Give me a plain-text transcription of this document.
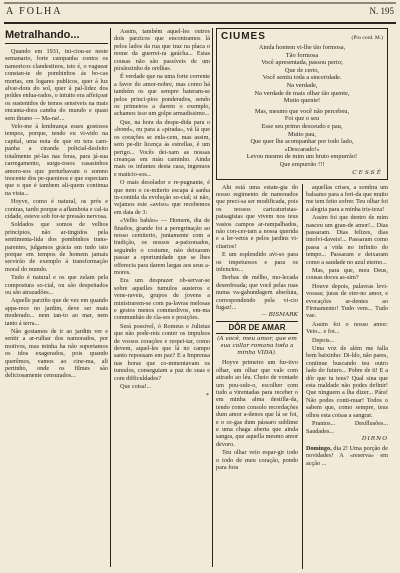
A FOLHA	N. 195
Metralhando...

Quando em 1931, ini-ciou-se neste semanario, forte campanha contra os namoricos clandestinos, isto é, o vaguear constan-te de pombinhos ás bo-cas mortas, em logares publicos, quer á luz alvar-dora do sol, quer á pal-lidez dos poldes enlua-rados, o intuito era affeiçoar os sustenidos de temos sensiveis na mais encanta-dora camba do mundo e quasi sem thrano — Ma-na!...

Velo-me á lembrança esses gostosos tempos, porque, tendo eu vi-vido na capital, uma nota de que eu tera cam-panha a ciranda policial-desfeito totalmente pé-las nas feras, para já-sua carregamento, surge-tosos casasinhos amoro-sos que perturbavam o somno inocente dos pe-queninos e que espectam que o que é tambem ali-quem continua na vista...

Hoyve, como é natural, os prós e contras, tardo porque a aflamboia e cal-ta cidade, esteve sob for-te pressão nervosa.

Soldados que somos de velhos princípios, não ar-tingidos pela sentimenta-lida dos pombinhos trans-parentes, julgamos grácia em tudo isto porque em tempos de homem jamais servirão de exemplo á transformação moral do mundo.

Tudo é natural e os que zelam pela compostura so-cial, ou são despeitados ou são atrazadões...

Aquelle parziño que de vez em quando appa-rece no jardim, deve ser mais moderado... nem tan-to ao mar, nem tanto á terra...

Não gostamos de ir ao jardim ver e sentir a ar-rulhar dos namorados, por motivos, mas minha ha não suportamos os idos exagerados, pois quando querêmos, vamos ao cine-ma, ali pertinho, onde os filmes são deliciosamente censurados...

Assim, também aquel-les outros dois parzicos que encontramos lá pelos lados da rua que traz na placa o nome da guerrei-ra gaúcha... Estas cousas não são passíveis de um puxãozinho de orelhas.

É verdade que na uma forte corrente a favor do amor-nobre, mas como há também os que sempre bateram-se pelos princi-pios ponderados, sendo os primeiros a darem o exemplo, achamos isso um golpe armadissimo...

Que, na hora da despe-dida para o «bond», ou para a «pirada», vá lá que os corações se enla-cem, mas assim, sem pe-dir licença ás estrellas, é um perigo... Vocês dei-xam as nossas creanças em máu caminho. Ainda mais os infantes desta casa, ingenuos e maticio-sos...

O mais desolador e re-pugnante, é que nem o ce-miterio escapa á sanha in-contida da evolução so-cial; si não, vejamos este «aviso» que recebemos em data de 3:

«Velho babão» — Homem, dia de finados, grande foi a peregrinação ao nosso cemiterio, juntamente com a tradição, os nossos a-paixonados, seguindo o costume, não deixaram passar a oportunidade que se lhes offerecia para darem largas aos seus a-mores.

Era um desprazer ob-servar-se sobre aquelles tumulos austeros e vene-raveis, grupos de jovens a ministrarem-se com pa-lavras melosas e gestos menos commedivos, em-ma communhão de cla-ses e posições.

Será possivel, ó Romeus e Julietas que não pode-reis conter os impulsos de vossos corações e respei-tar, como devem, aquel-les que lá no campo santo repousam em paz? E a Imprensa nas horas que co-mmentavam os tumulos, conseguiam a paz de suas e com difficuldades?

Que coisa!...

*
CIUMES	(Pro cord. M.)
Ainda hontem vi-lhe tão formosa,
Tão formosa
Você apresentada, passou perto;
Que de certo,
Você sentiu toda a sinceridade.
Na verdade,
Na verdade de mais olhar tão quente,
Muito quente!
Mas, mesmo que você não percebeu,
Foi que o seu
Esse seu primo desceudo e pau,
Muito pau,
Que quer lhe acompanhar por todo lado,
«Descarado!»
Levou mesmo de mim um bruto empurrão!
Que empurrão !!!
CESSÉ

Ahi está uma estate-gia do nosso regimento de namorados que preci-sa ser modificada, pois os nossos caricaturistas-paisagistas que vivem nos teus vastos campos ar-rampalhados, não con-cer-tam a nossa querida e a ler-vetos e pelos jardins vi-citarios!

E um esplendido avi-so para os impetuosos e para os infenctos...

Berbas de mélho, mo-lecada desenfreada; que você pelas ruas numa va-gabundagem absoluta, correspondendo pela vi-cio fugaz!...

— BISMARK
DÔR DE AMAR
(A você, meu amor, que em sua collar romana toda a minha VIDA).

Hoyve primeiro um fur-tivo olhar, um olhar que vale com atirado ao léu. Cheio de vontade um pou-sule-o, escolher com tudo a virentadas para receber o em minha alma destilla-da, tendo como consolo recordações dum amor a-denos que lá se foi, e o ce-gas dum pássaro sublime e uma chaga aberta que ainda sangra, que aquella mesmo amor devoro.

Teu olhar veio espar-gir todo o todo de meu coração, pondo para fora

aquellas crises, a sombra um balsamo para a feri-da que muito me tem feito sofrer. Teu olhar foi a alegria para a minha tris-teza!

Assim foi que dentro de mim nasceu um gran-de amor!... Dias passaram. Dias felizes, dias imolvi-daveis!... Passaram como passa a vida no infinito do tempo... Passaram e deixaram como a saudade no azul eterno...

Mas, para que, meu Deus, cousas doces as-sim?

Houve depois, palavras levi-vossas; juras de eter-no amor, e evocações ar-dentes ao Firmamento! Tudo vem... Tudo vae.

Assim foi o nosso amor: Veio... e foi...

Depois...

Uma voz de além me falla bem baixinho: Di-ldo, não pares, continue buscando teu outro lado do futuro... Pobre de ti! E a dôr que tu tens? Qual sina que esta maldade não podes definir! Que ninguem a lha dizer... Pára! Não podes conti-nuar! Todos o sabem que, como sempre, teus olhos esta coisas a sangrar.

Prantos... Desillusões... Saudades...

DIRNO

Domingo, dia 2! Uma porção de novidades! A «reserva» em acção ...
